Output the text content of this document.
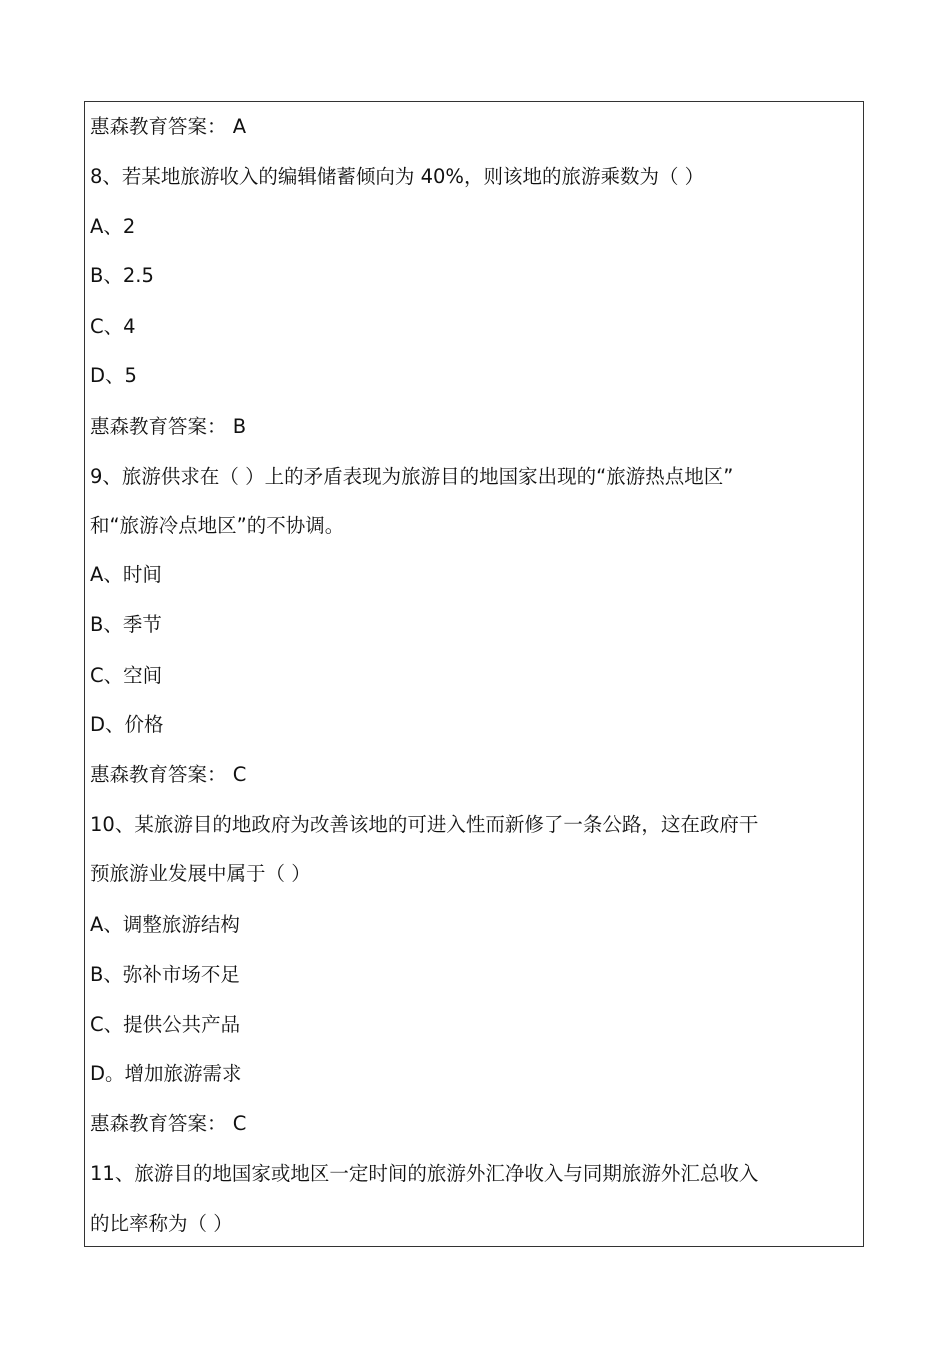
惠森教育答案： A

8、若某地旅游收入的编辑储蓄倾向为 40%，则该地的旅游乘数为（ ）

A、2

B、2.5

C、4

D、5

惠森教育答案： B

9、旅游供求在（ ）上的矛盾表现为旅游目的地国家出现的“旅游热点地区”

和“旅游冷点地区”的不协调。

A、时间

B、季节

C、空间

D、价格

惠森教育答案： C

10、某旅游目的地政府为改善该地的可进入性而新修了一条公路，这在政府干

预旅游业发展中属于（ ）

A、调整旅游结构

B、弥补市场不足

C、提供公共产品

D。增加旅游需求

惠森教育答案： C

11、旅游目的地国家或地区一定时间的旅游外汇净收入与同期旅游外汇总收入

的比率称为（ ）
